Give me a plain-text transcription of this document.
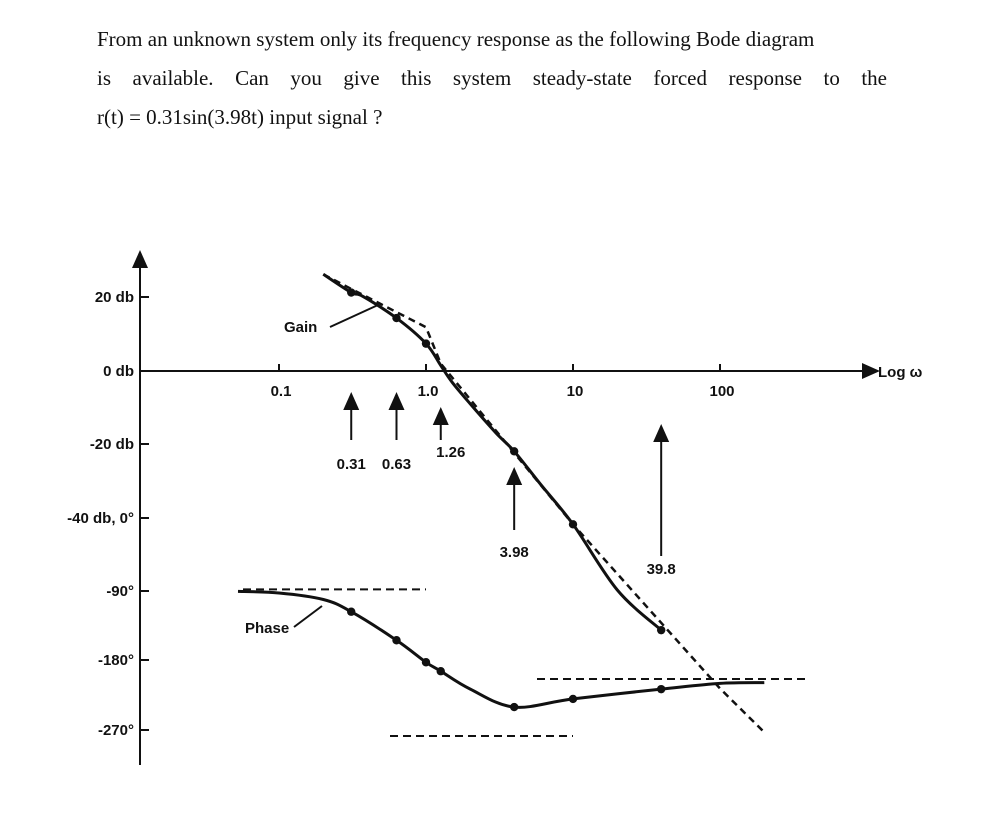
From an unknown system only its frequency response as the following Bode diagram
is available. Can you give this system steady-state forced response to the
r(t) = 0.31sin(3.98t) input signal ?
Log ω
20 db
0 db
-20 db
-40 db, 0°
-90°
-180°
-270°
0.1	1.0	10	100
0.31 0.63
1.26
3.98
39.8
Gain
Phase
